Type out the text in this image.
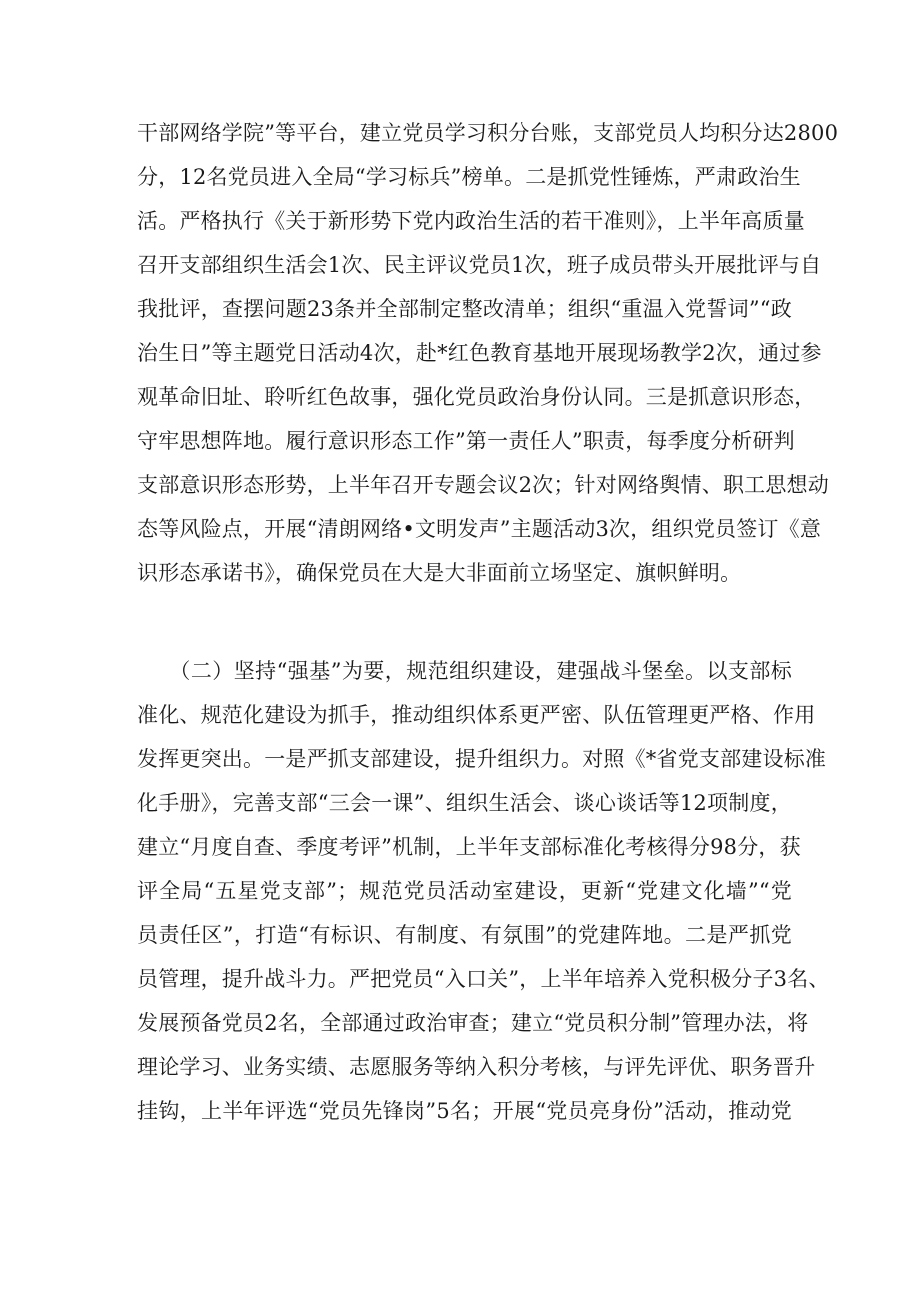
干部网络学院”等平台，建立党员学习积分台账，支部党员人均积分达2800
分，12名党员进入全局“学习标兵”榜单。二是抓党性锤炼，严肃政治生
活。严格执行《关于新形势下党内政治生活的若干准则》，上半年高质量
召开支部组织生活会1次、民主评议党员1次，班子成员带头开展批评与自
我批评，查摆问题23条并全部制定整改清单；组织“重温入党誓词”“政
治生日”等主题党日活动4次，赴*红色教育基地开展现场教学2次，通过参
观革命旧址、聆听红色故事，强化党员政治身份认同。三是抓意识形态，
守牢思想阵地。履行意识形态工作”第一责任人”职责，每季度分析研判
支部意识形态形势，上半年召开专题会议2次；针对网络舆情、职工思想动
态等风险点，开展“清朗网络•文明发声”主题活动3次，组织党员签订《意
识形态承诺书》，确保党员在大是大非面前立场坚定、旗帜鲜明。
　　（二）坚持“强基”为要，规范组织建设，建强战斗堡垒。以支部标
准化、规范化建设为抓手，推动组织体系更严密、队伍管理更严格、作用
发挥更突出。一是严抓支部建设，提升组织力。对照《*省党支部建设标准
化手册》，完善支部“三会一课”、组织生活会、谈心谈话等12项制度，
建立“月度自查、季度考评”机制，上半年支部标准化考核得分98分，获
评全局“五星党支部”；规范党员活动室建设，更新“党建文化墙”“党
员责任区”，打造“有标识、有制度、有氛围”的党建阵地。二是严抓党
员管理，提升战斗力。严把党员“入口关”，上半年培养入党积极分子3名、
发展预备党员2名，全部通过政治审查；建立“党员积分制”管理办法，将
理论学习、业务实绩、志愿服务等纳入积分考核，与评先评优、职务晋升
挂钩，上半年评选“党员先锋岗”5名；开展“党员亮身份”活动，推动党
